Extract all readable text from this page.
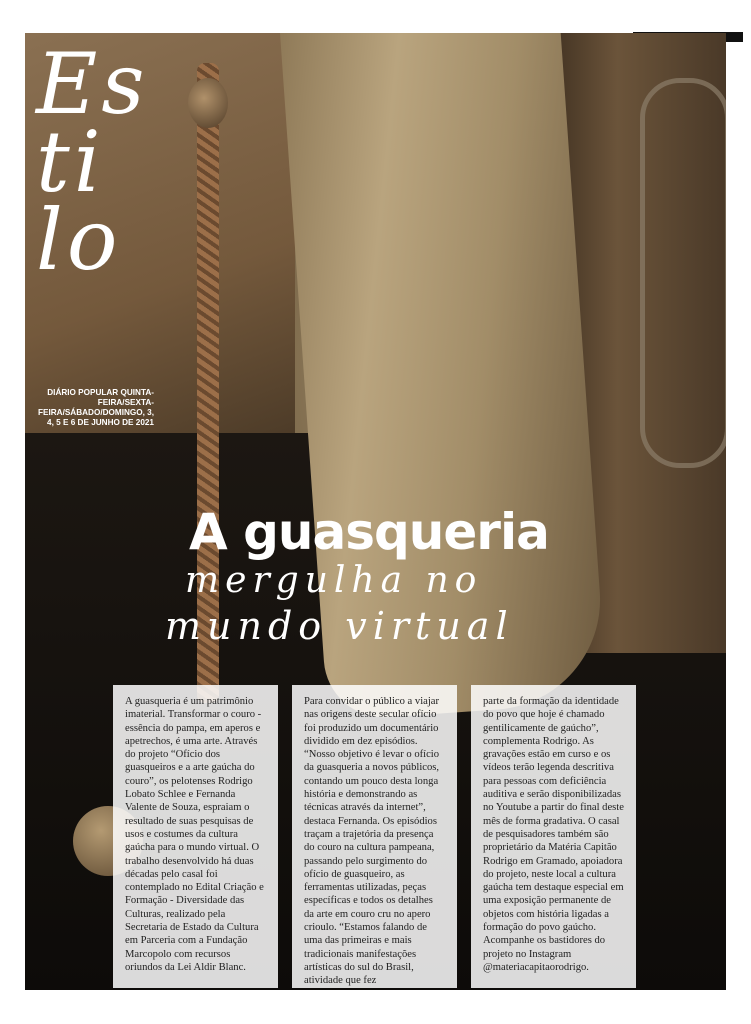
Es
ti
lo
DIÁRIO POPULAR QUINTA-FEIRA/SEXTA-FEIRA/SÁBADO/DOMINGO, 3, 4, 5 E 6 DE JUNHO DE 2021
A guasqueria
mergulha no
mundo virtual

A guasqueria é um patrimônio imaterial. Transformar o couro - essência do pampa, em aperos e apetrechos, é uma arte. Através do projeto “Ofício dos guasqueiros e a arte gaúcha do couro”, os pelotenses Rodrigo Lobato Schlee e Fernanda Valente de Souza, espraiam o resultado de suas pesquisas de usos e costumes da cultura gaúcha para o mundo virtual. O trabalho desenvolvido há duas décadas pelo casal foi contemplado no Edital Criação e Formação - Diversidade das Culturas, realizado pela Secretaria de Estado da Cultura em Parceria com a Fundação Marcopolo com recursos oriundos da Lei Aldir Blanc.

Para convidar o público a viajar nas origens deste secular ofício foi produzido um documentário dividido em dez episódios. “Nosso objetivo é levar o ofício da guasqueria a novos públicos, contando um pouco desta longa história e demonstrando as técnicas através da internet”, destaca Fernanda. Os episódios traçam a trajetória da presença do couro na cultura pampeana, passando pelo surgimento do ofício de guasqueiro, as ferramentas utilizadas, peças específicas e todos os detalhes da arte em couro cru no apero crioulo. “Estamos falando de uma das primeiras e mais tradicionais manifestações artísticas do sul do Brasil, atividade que fez

parte da formação da identidade do povo que hoje é chamado gentilicamente de gaúcho”, complementa Rodrigo. As gravações estão em curso e os vídeos terão legenda descritiva para pessoas com deficiência auditiva e serão disponibilizadas no Youtube a partir do final deste mês de forma gradativa. O casal de pesquisadores também são proprietário da Matéria Capitão Rodrigo em Gramado, apoiadora do projeto, neste local a cultura gaúcha tem destaque especial em uma exposição permanente de objetos com história ligadas a formação do povo gaúcho. Acompanhe os bastidores do projeto no Instagram @materiacapitaorodrigo.
